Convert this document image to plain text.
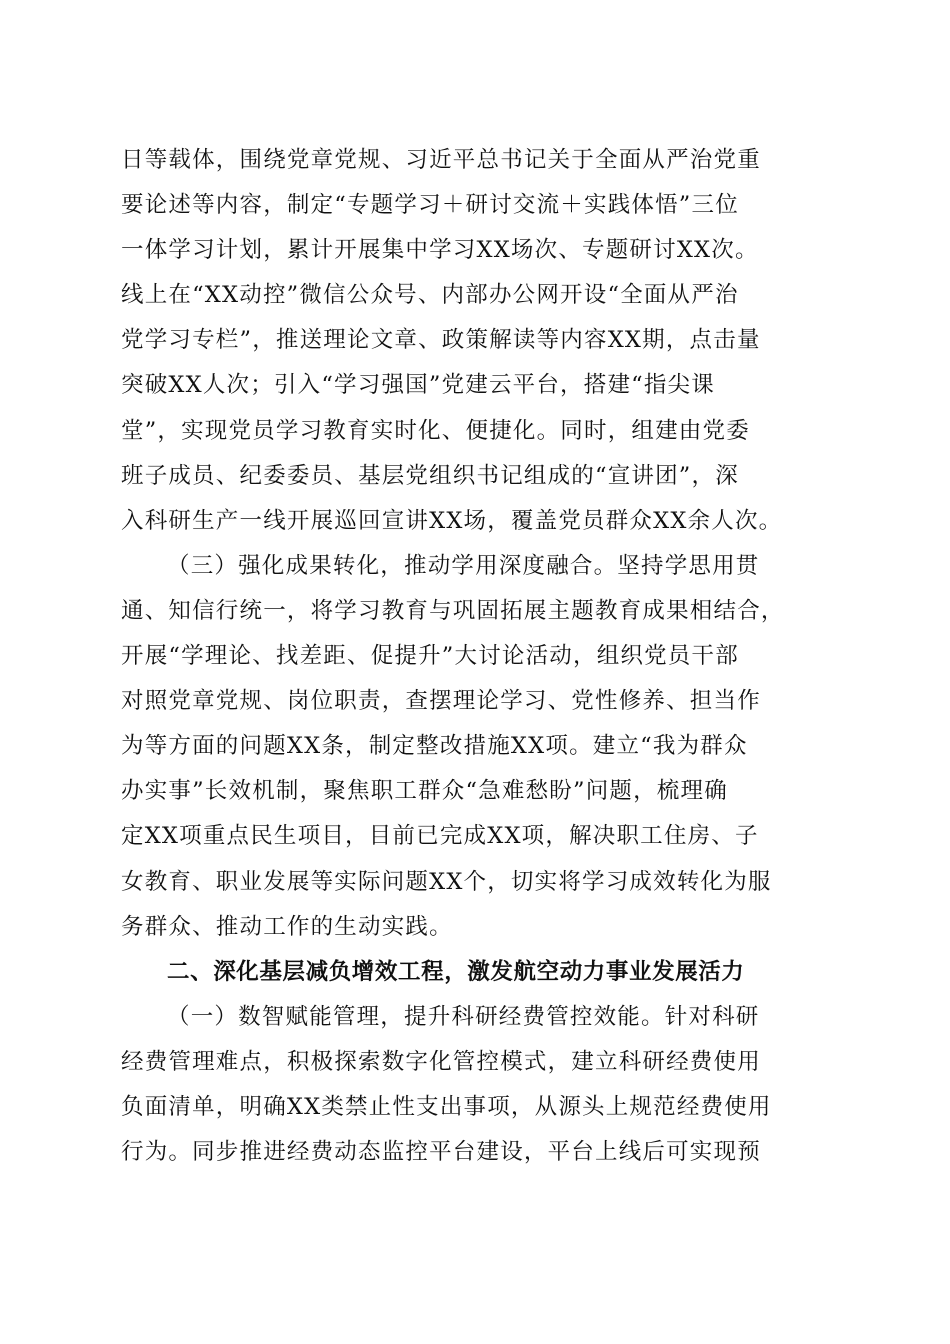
日等载体，围绕党章党规、习近平总书记关于全面从严治党重
要论述等内容，制定“专题学习＋研讨交流＋实践体悟”三位
一体学习计划，累计开展集中学习XX场次、专题研讨XX次。
线上在“XX动控”微信公众号、内部办公网开设“全面从严治
党学习专栏”，推送理论文章、政策解读等内容XX期，点击量
突破XX人次；引入“学习强国”党建云平台，搭建“指尖课
堂”，实现党员学习教育实时化、便捷化。同时，组建由党委
班子成员、纪委委员、基层党组织书记组成的“宣讲团”，深
入科研生产一线开展巡回宣讲XX场，覆盖党员群众XX余人次。
（三）强化成果转化，推动学用深度融合。坚持学思用贯
通、知信行统一，将学习教育与巩固拓展主题教育成果相结合，
开展“学理论、找差距、促提升”大讨论活动，组织党员干部
对照党章党规、岗位职责，查摆理论学习、党性修养、担当作
为等方面的问题XX条，制定整改措施XX项。建立“我为群众
办实事”长效机制，聚焦职工群众“急难愁盼”问题，梳理确
定XX项重点民生项目，目前已完成XX项，解决职工住房、子
女教育、职业发展等实际问题XX个，切实将学习成效转化为服
务群众、推动工作的生动实践。
二、深化基层减负增效工程，激发航空动力事业发展活力
（一）数智赋能管理，提升科研经费管控效能。针对科研
经费管理难点，积极探索数字化管控模式，建立科研经费使用
负面清单，明确XX类禁止性支出事项，从源头上规范经费使用
行为。同步推进经费动态监控平台建设，平台上线后可实现预
